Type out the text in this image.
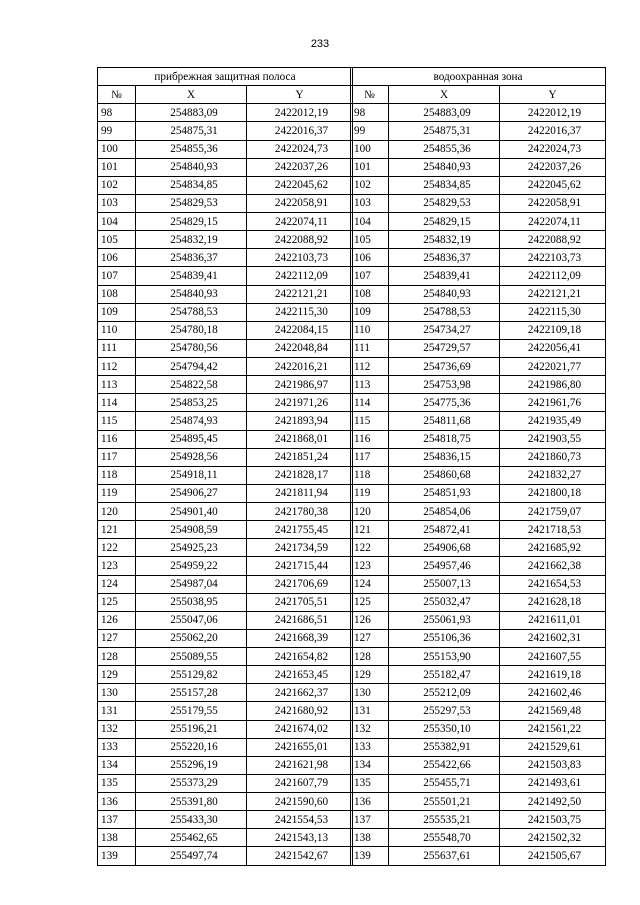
233
прибрежная защитная полоса		
№	X	Y
98	254883,09	2422012,19
99	254875,31	2422016,37
100	254855,36	2422024,73
101	254840,93	2422037,26
102	254834,85	2422045,62
103	254829,53	2422058,91
104	254829,15	2422074,11
105	254832,19	2422088,92
106	254836,37	2422103,73
107	254839,41	2422112,09
108	254840,93	2422121,21
109	254788,53	2422115,30
110	254780,18	2422084,15
111	254780,56	2422048,84
112	254794,42	2422016,21
113	254822,58	2421986,97
114	254853,25	2421971,26
115	254874,93	2421893,94
116	254895,45	2421868,01
117	254928,56	2421851,24
118	254918,11	2421828,17
119	254906,27	2421811,94
120	254901,40	2421780,38
121	254908,59	2421755,45
122	254925,23	2421734,59
123	254959,22	2421715,44
124	254987,04	2421706,69
125	255038,95	2421705,51
126	255047,06	2421686,51
127	255062,20	2421668,39
128	255089,55	2421654,82
129	255129,82	2421653,45
130	255157,28	2421662,37
131	255179,55	2421680,92
132	255196,21	2421674,02
133	255220,16	2421655,01
134	255296,19	2421621,98
135	255373,29	2421607,79
136	255391,80	2421590,60
137	255433,30	2421554,53
138	255462,65	2421543,13
139	255497,74	2421542,67
водоохранная зона		
№	X	Y
98	254883,09	2422012,19
99	254875,31	2422016,37
100	254855,36	2422024,73
101	254840,93	2422037,26
102	254834,85	2422045,62
103	254829,53	2422058,91
104	254829,15	2422074,11
105	254832,19	2422088,92
106	254836,37	2422103,73
107	254839,41	2422112,09
108	254840,93	2422121,21
109	254788,53	2422115,30
110	254734,27	2422109,18
111	254729,57	2422056,41
112	254736,69	2422021,77
113	254753,98	2421986,80
114	254775,36	2421961,76
115	254811,68	2421935,49
116	254818,75	2421903,55
117	254836,15	2421860,73
118	254860,68	2421832,27
119	254851,93	2421800,18
120	254854,06	2421759,07
121	254872,41	2421718,53
122	254906,68	2421685,92
123	254957,46	2421662,38
124	255007,13	2421654,53
125	255032,47	2421628,18
126	255061,93	2421611,01
127	255106,36	2421602,31
128	255153,90	2421607,55
129	255182,47	2421619,18
130	255212,09	2421602,46
131	255297,53	2421569,48
132	255350,10	2421561,22
133	255382,91	2421529,61
134	255422,66	2421503,83
135	255455,71	2421493,61
136	255501,21	2421492,50
137	255535,21	2421503,75
138	255548,70	2421502,32
139	255637,61	2421505,67
